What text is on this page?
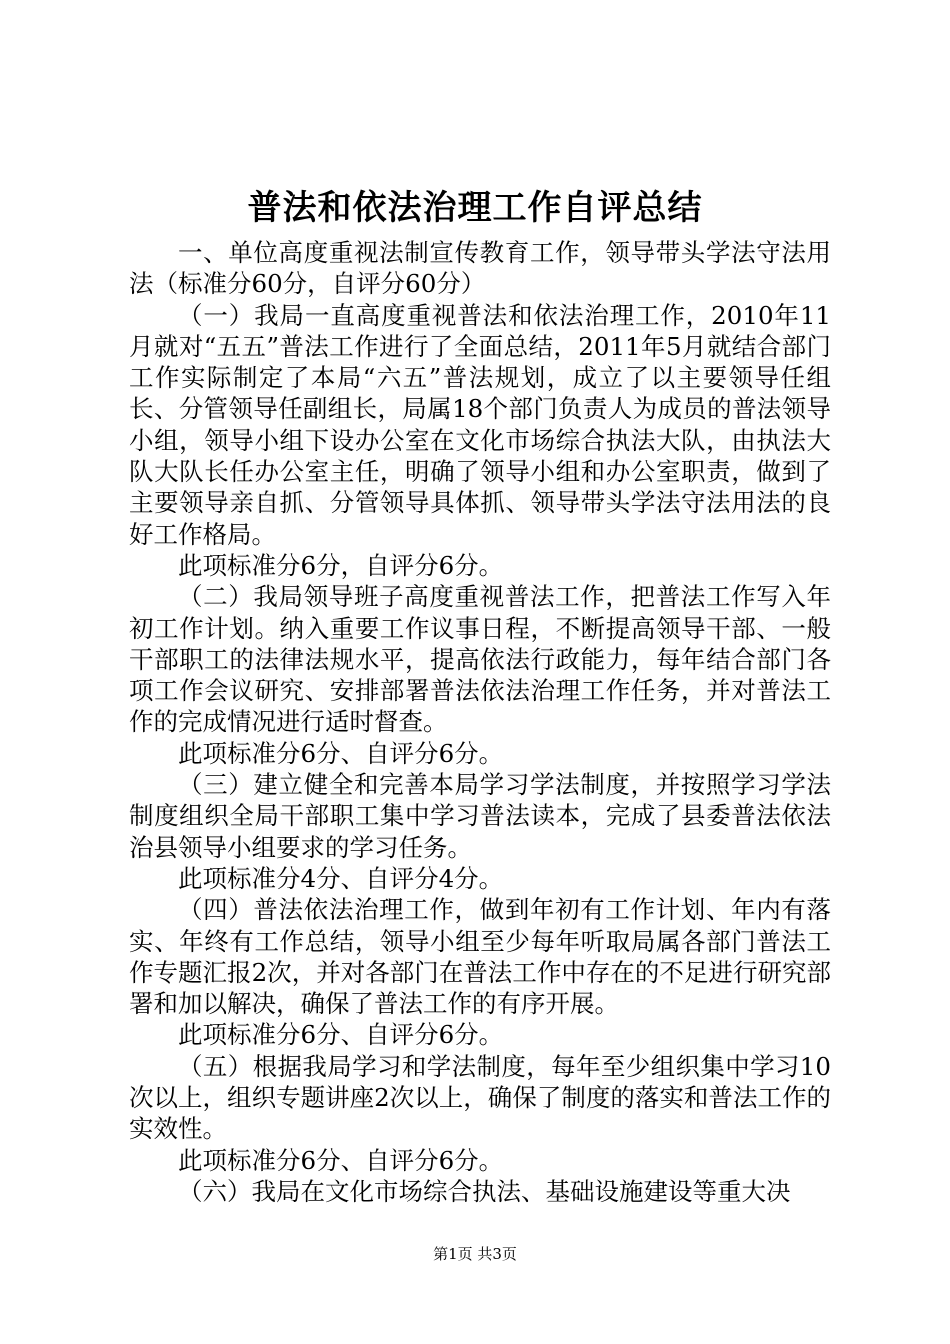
普法和依法治理工作自评总结

一、单位高度重视法制宣传教育工作，领导带头学法守法用法（标准分60分，自评分60分）

（一）我局一直高度重视普法和依法治理工作，2010年11月就对“五五”普法工作进行了全面总结，2011年5月就结合部门工作实际制定了本局“六五”普法规划，成立了以主要领导任组长、分管领导任副组长，局属18个部门负责人为成员的普法领导小组，领导小组下设办公室在文化市场综合执法大队，由执法大队大队长任办公室主任，明确了领导小组和办公室职责，做到了主要领导亲自抓、分管领导具体抓、领导带头学法守法用法的良好工作格局。

此项标准分6分，自评分6分。

（二）我局领导班子高度重视普法工作，把普法工作写入年初工作计划。纳入重要工作议事日程，不断提高领导干部、一般干部职工的法律法规水平，提高依法行政能力，每年结合部门各项工作会议研究、安排部署普法依法治理工作任务，并对普法工作的完成情况进行适时督查。

此项标准分6分、自评分6分。

（三）建立健全和完善本局学习学法制度，并按照学习学法制度组织全局干部职工集中学习普法读本，完成了县委普法依法治县领导小组要求的学习任务。

此项标准分4分、自评分4分。

（四）普法依法治理工作，做到年初有工作计划、年内有落实、年终有工作总结，领导小组至少每年听取局属各部门普法工作专题汇报2次，并对各部门在普法工作中存在的不足进行研究部署和加以解决，确保了普法工作的有序开展。

此项标准分6分、自评分6分。

（五）根据我局学习和学法制度，每年至少组织集中学习10次以上，组织专题讲座2次以上，确保了制度的落实和普法工作的实效性。

此项标准分6分、自评分6分。

（六）我局在文化市场综合执法、基础设施建设等重大决

第1页 共3页
